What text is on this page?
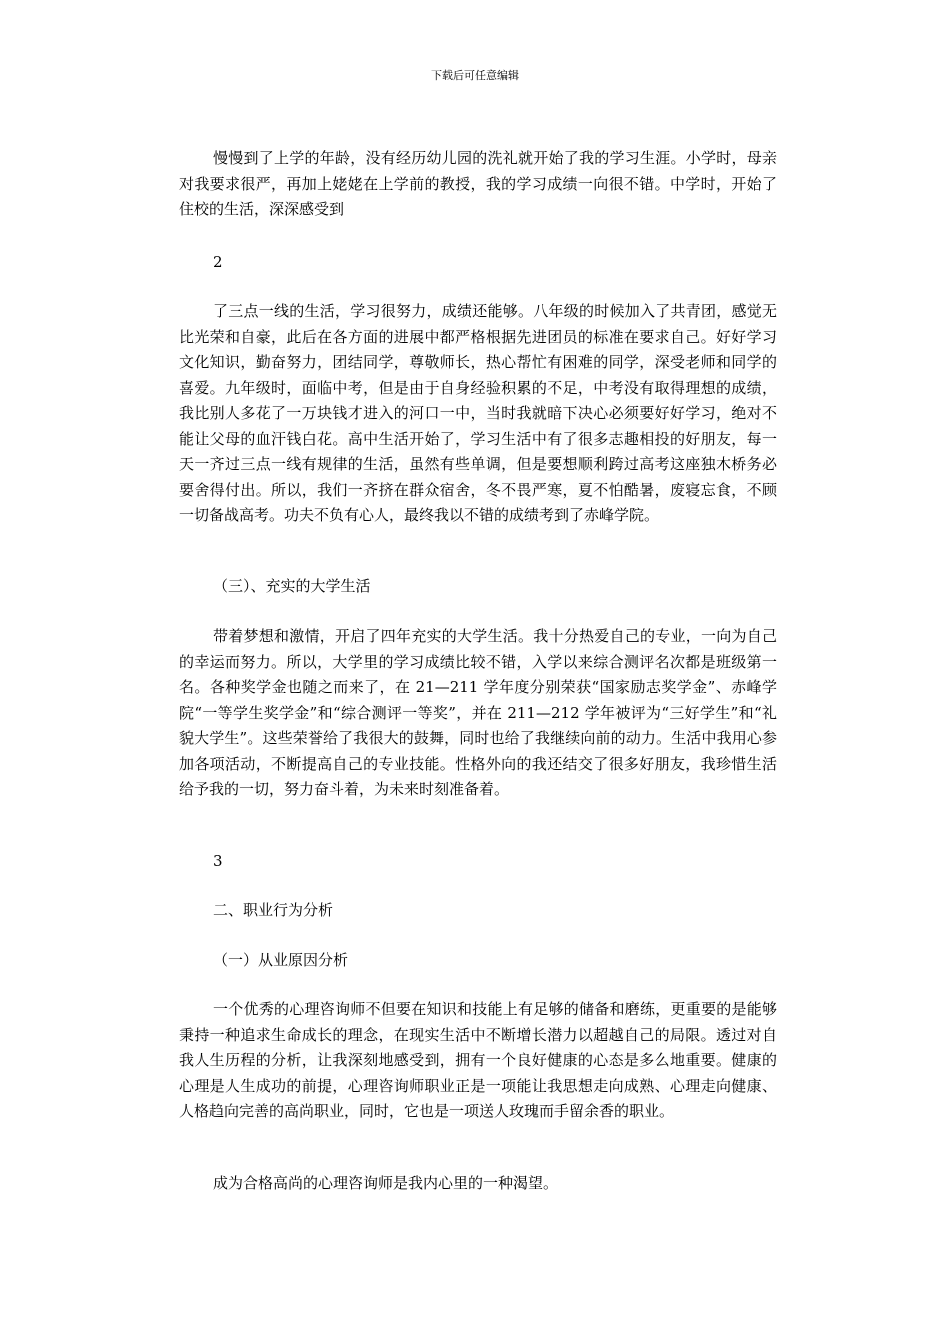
下载后可任意编辑

慢慢到了上学的年龄，没有经历幼儿园的洗礼就开始了我的学习生涯。小学时，母亲对我要求很严，再加上姥姥在上学前的教授，我的学习成绩一向很不错。中学时，开始了住校的生活，深深感受到

2

了三点一线的生活，学习很努力，成绩还能够。八年级的时候加入了共青团，感觉无比光荣和自豪，此后在各方面的进展中都严格根据先进团员的标准在要求自己。好好学习文化知识，勤奋努力，团结同学，尊敬师长，热心帮忙有困难的同学，深受老师和同学的喜爱。九年级时，面临中考，但是由于自身经验积累的不足，中考没有取得理想的成绩，我比别人多花了一万块钱才进入的河口一中，当时我就暗下决心必须要好好学习，绝对不能让父母的血汗钱白花。高中生活开始了，学习生活中有了很多志趣相投的好朋友，每一天一齐过三点一线有规律的生活，虽然有些单调，但是要想顺利跨过高考这座独木桥务必要舍得付出。所以，我们一齐挤在群众宿舍，冬不畏严寒，夏不怕酷暑，废寝忘食，不顾一切备战高考。功夫不负有心人，最终我以不错的成绩考到了赤峰学院。

（三）、充实的大学生活

带着梦想和激情，开启了四年充实的大学生活。我十分热爱自己的专业，一向为自己的幸运而努力。所以，大学里的学习成绩比较不错，入学以来综合测评名次都是班级第一名。各种奖学金也随之而来了，在 21—211 学年度分别荣获“国家励志奖学金”、赤峰学院“一等学生奖学金”和“综合测评一等奖”，并在 211—212 学年被评为“三好学生”和“礼貌大学生”。这些荣誉给了我很大的鼓舞，同时也给了我继续向前的动力。生活中我用心参加各项活动，不断提高自己的专业技能。性格外向的我还结交了很多好朋友，我珍惜生活给予我的一切，努力奋斗着，为未来时刻准备着。

3
二、职业行为分析
（一）从业原因分析

一个优秀的心理咨询师不但要在知识和技能上有足够的储备和磨练，更重要的是能够秉持一种追求生命成长的理念，在现实生活中不断增长潜力以超越自己的局限。透过对自我人生历程的分析，让我深刻地感受到，拥有一个良好健康的心态是多么地重要。健康的心理是人生成功的前提，心理咨询师职业正是一项能让我思想走向成熟、心理走向健康、人格趋向完善的高尚职业，同时，它也是一项送人玫瑰而手留余香的职业。

成为合格高尚的心理咨询师是我内心里的一种渴望。
